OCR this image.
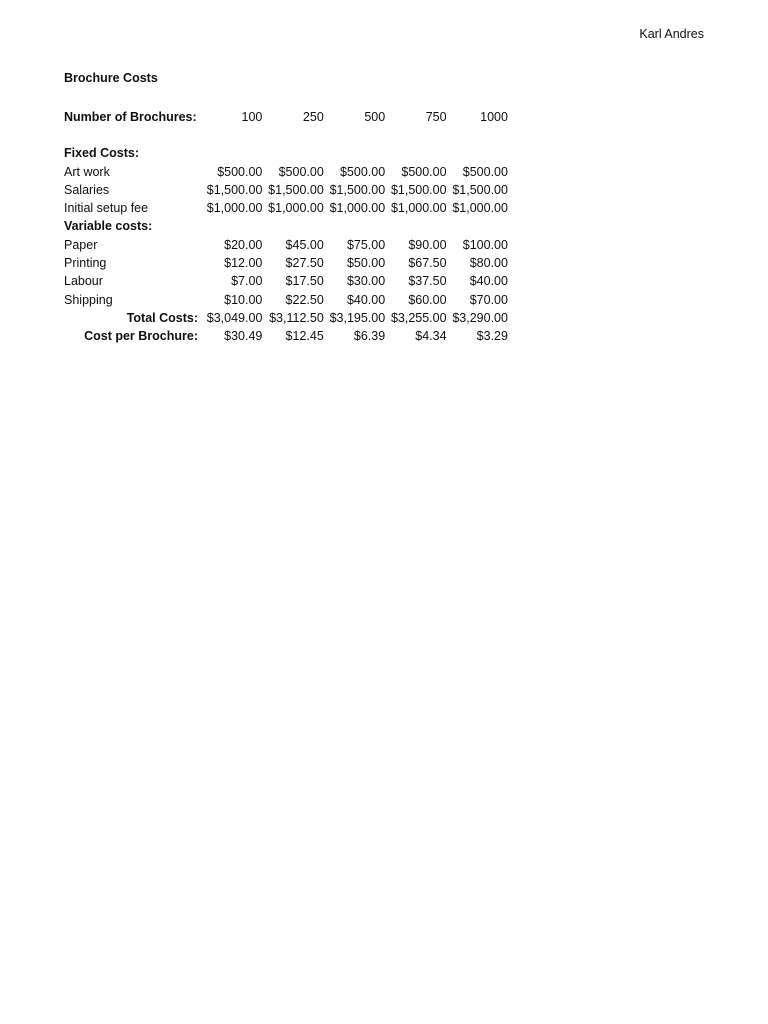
Karl Andres
Brochure Costs
Number of Brochures:	100	250	500	750	1000
Fixed Costs:
Art work	$500.00	$500.00	$500.00	$500.00	$500.00
Salaries	$1,500.00 $1,500.00 $1,500.00 $1,500.00 $1,500.00
Initial setup fee	$1,000.00 $1,000.00 $1,000.00 $1,000.00 $1,000.00
Variable costs:
Paper	$20.00	$45.00	$75.00	$90.00	$100.00
Printing	$12.00	$27.50	$50.00	$67.50	$80.00
Labour	$7.00	$17.50	$30.00	$37.50	$40.00
Shipping	$10.00	$22.50	$40.00	$60.00	$70.00
Total Costs: $3,049.00 $3,112.50 $3,195.00 $3,255.00 $3,290.00
Cost per Brochure:	$30.49	$12.45	$6.39	$4.34	$3.29
